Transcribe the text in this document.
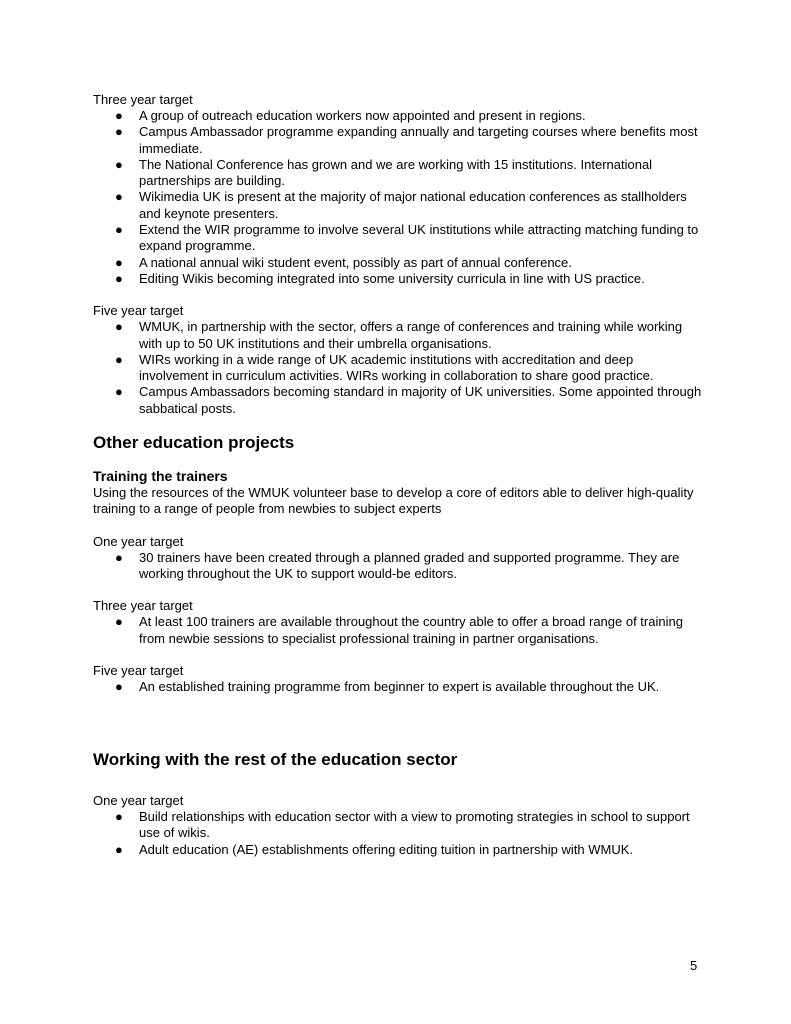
Three year target

● A group of outreach education workers now appointed and present in regions.
● Campus Ambassador programme expanding annually and targeting courses where benefits most immediate.
● The National Conference has grown and we are working with 15 institutions. International partnerships are building.
● Wikimedia UK is present at the majority of major national education conferences as stallholders and keynote presenters.
● Extend the WIR programme to involve several UK institutions while attracting matching funding to expand programme.
● A national annual wiki student event, possibly as part of annual conference.
● Editing Wikis becoming integrated into some university curricula in line with US practice.

Five year target

● WMUK, in partnership with the sector, offers a range of conferences and training while working with up to 50 UK institutions and their umbrella organisations.
● WIRs working in a wide range of UK academic institutions with accreditation and deep involvement in curriculum activities. WIRs working in collaboration to share good practice.
● Campus Ambassadors becoming standard in majority of UK universities. Some appointed through sabbatical posts.
Other education projects
Training the trainers

Using the resources of the WMUK volunteer base to develop a core of editors able to deliver high-quality training to a range of people from newbies to subject experts

One year target

● 30 trainers have been created through a planned graded and supported programme. They are working throughout the UK to support would-be editors.

Three year target

● At least 100 trainers are available throughout the country able to offer a broad range of training from newbie sessions to specialist professional training in partner organisations.

Five year target

● An established training programme from beginner to expert is available throughout the UK.
Working with the rest of the education sector

One year target

● Build relationships with education sector with a view to promoting strategies in school to support use of wikis.
● Adult education (AE) establishments offering editing tuition in partnership with WMUK.
5
